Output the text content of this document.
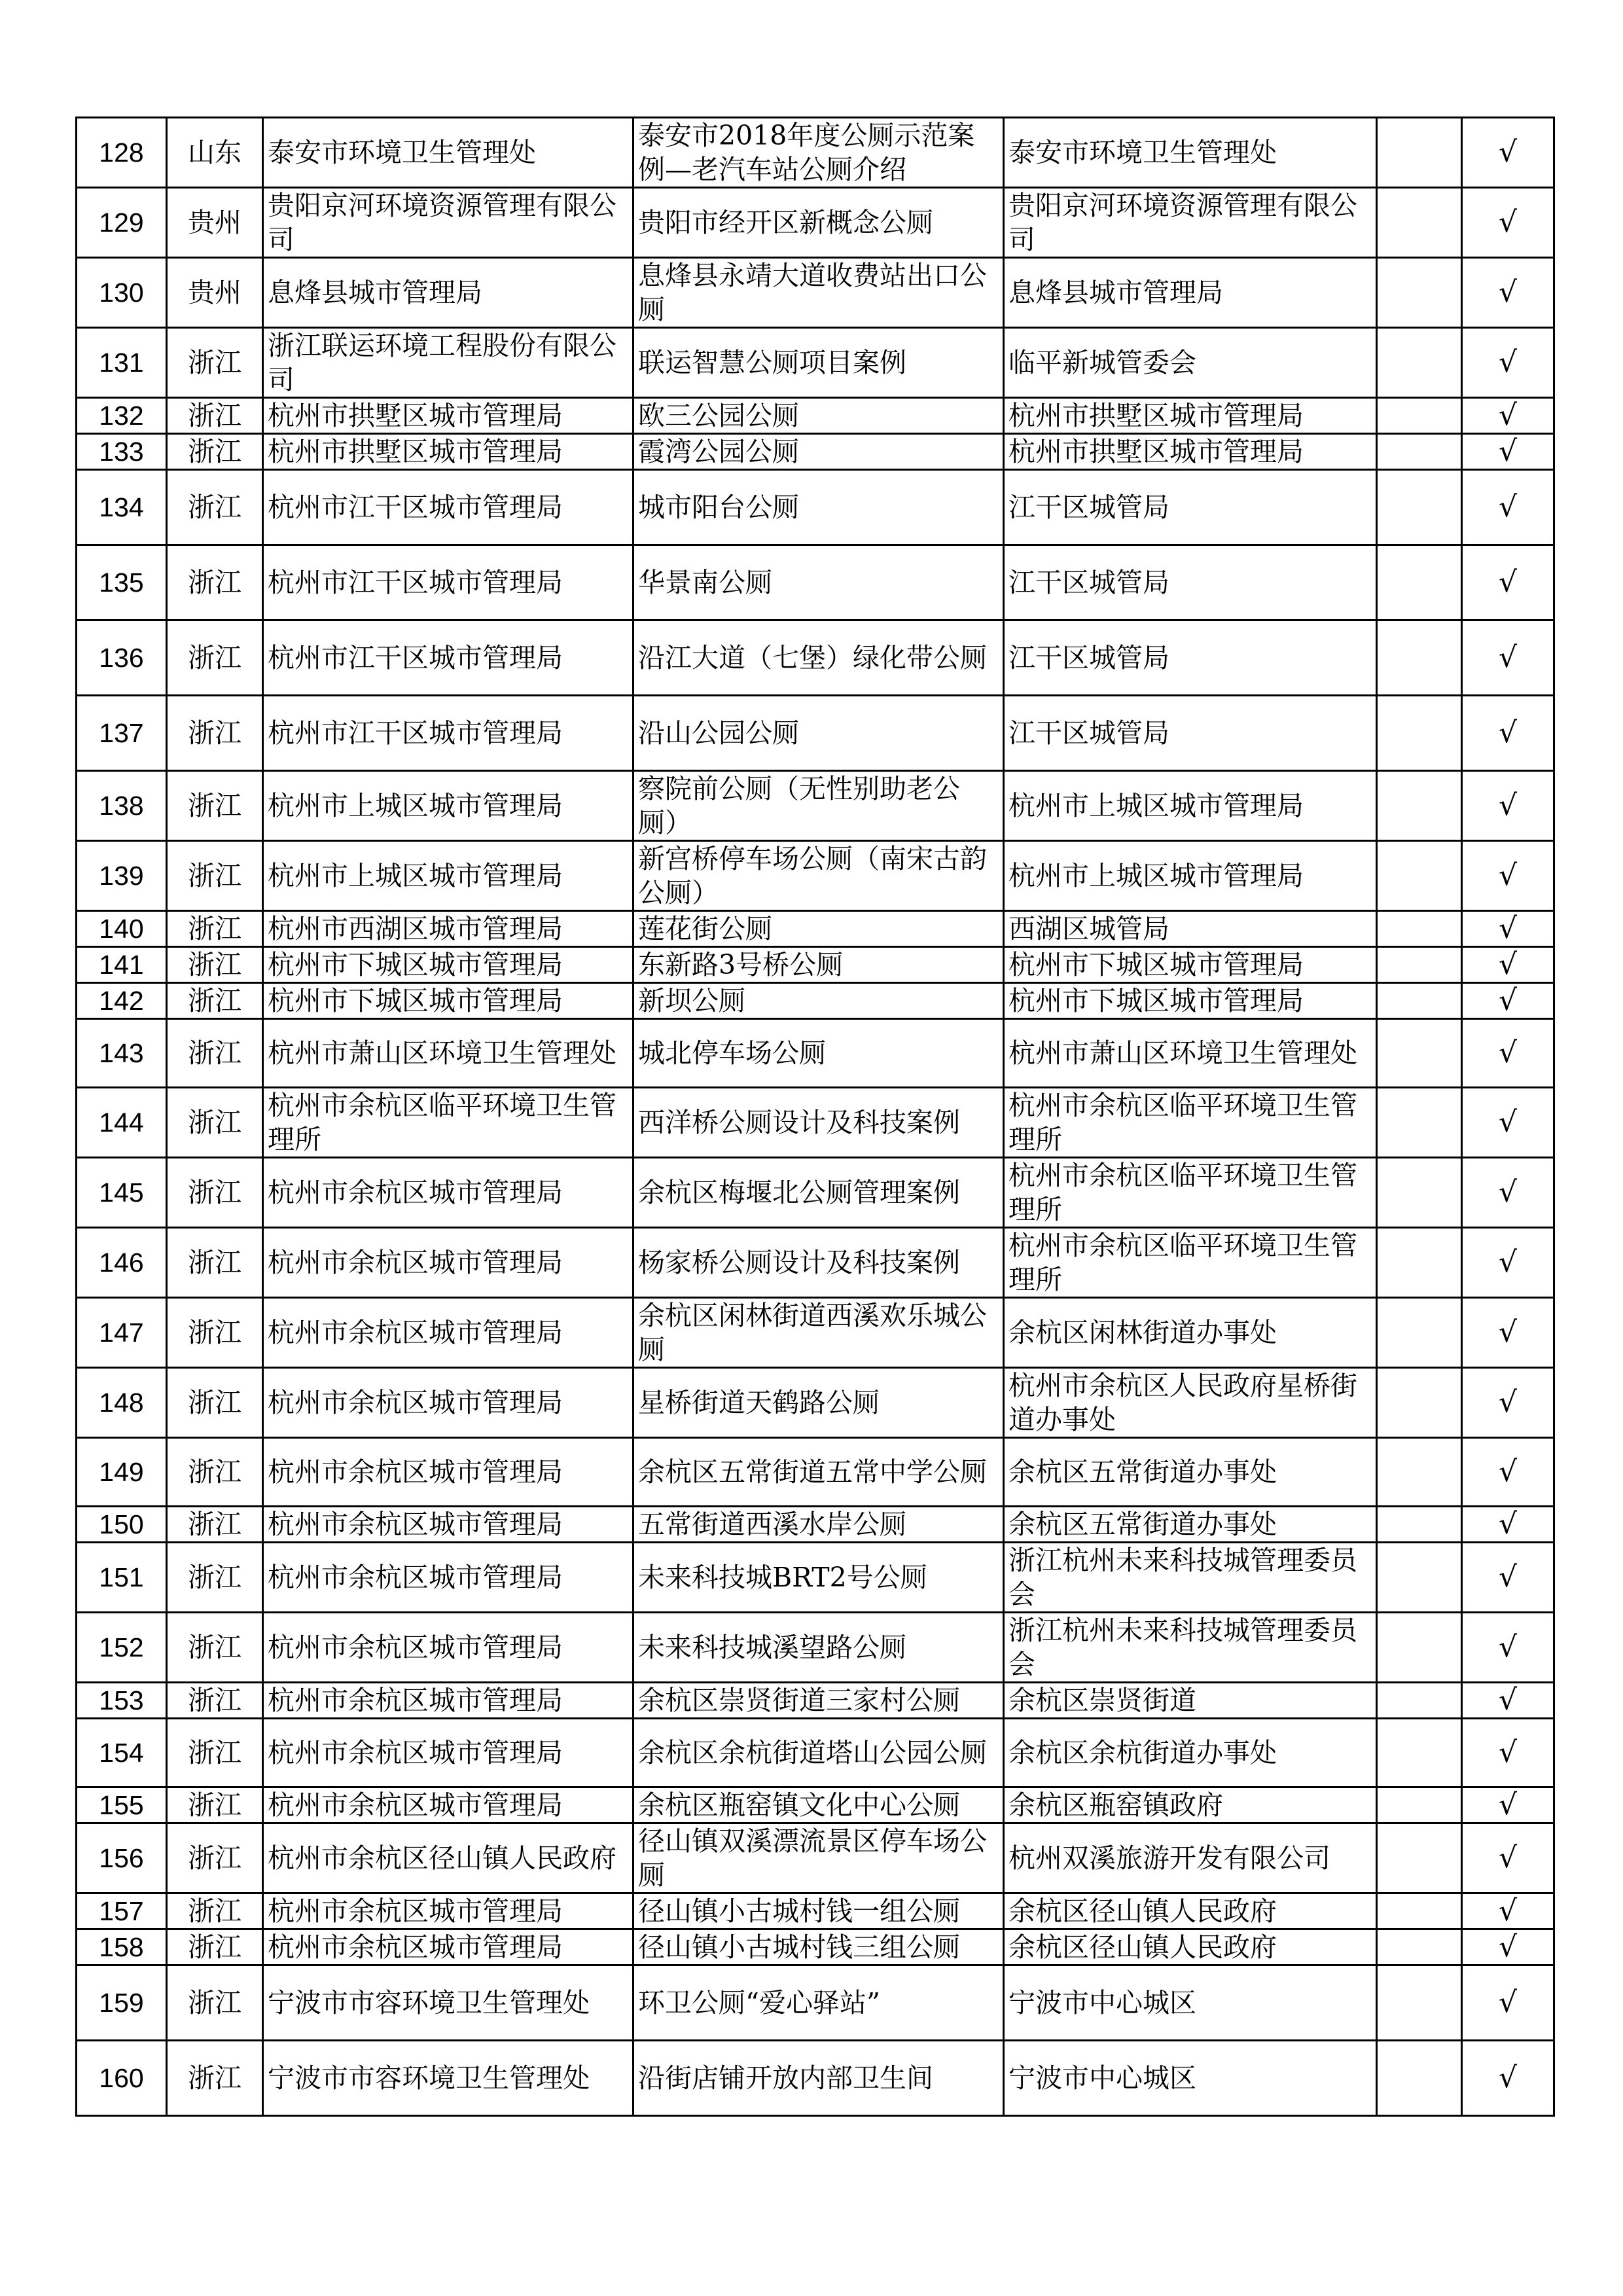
128	山东	泰安市环境卫生管理处	泰安市2018年度公厕示范案例—老汽车站公厕介绍	泰安市环境卫生管理处		√
129	贵州	贵阳京河环境资源管理有限公司	贵阳市经开区新概念公厕	贵阳京河环境资源管理有限公司		√
130	贵州	息烽县城市管理局	息烽县永靖大道收费站出口公厕	息烽县城市管理局		√
131	浙江	浙江联运环境工程股份有限公司	联运智慧公厕项目案例	临平新城管委会		√
132	浙江	杭州市拱墅区城市管理局	欧三公园公厕	杭州市拱墅区城市管理局		√
133	浙江	杭州市拱墅区城市管理局	霞湾公园公厕	杭州市拱墅区城市管理局		√
134	浙江	杭州市江干区城市管理局	城市阳台公厕	江干区城管局		√
135	浙江	杭州市江干区城市管理局	华景南公厕	江干区城管局		√
136	浙江	杭州市江干区城市管理局	沿江大道（七堡）绿化带公厕	江干区城管局		√
137	浙江	杭州市江干区城市管理局	沿山公园公厕	江干区城管局		√
138	浙江	杭州市上城区城市管理局	察院前公厕（无性别助老公厕）	杭州市上城区城市管理局		√
139	浙江	杭州市上城区城市管理局	新宫桥停车场公厕（南宋古韵公厕）	杭州市上城区城市管理局		√
140	浙江	杭州市西湖区城市管理局	莲花街公厕	西湖区城管局		√
141	浙江	杭州市下城区城市管理局	东新路3号桥公厕	杭州市下城区城市管理局		√
142	浙江	杭州市下城区城市管理局	新坝公厕	杭州市下城区城市管理局		√
143	浙江	杭州市萧山区环境卫生管理处	城北停车场公厕	杭州市萧山区环境卫生管理处		√
144	浙江	杭州市余杭区临平环境卫生管理所	西洋桥公厕设计及科技案例	杭州市余杭区临平环境卫生管理所		√
145	浙江	杭州市余杭区城市管理局	余杭区梅堰北公厕管理案例	杭州市余杭区临平环境卫生管理所		√
146	浙江	杭州市余杭区城市管理局	杨家桥公厕设计及科技案例	杭州市余杭区临平环境卫生管理所		√
147	浙江	杭州市余杭区城市管理局	余杭区闲林街道西溪欢乐城公厕	余杭区闲林街道办事处		√
148	浙江	杭州市余杭区城市管理局	星桥街道天鹤路公厕	杭州市余杭区人民政府星桥街道办事处		√
149	浙江	杭州市余杭区城市管理局	余杭区五常街道五常中学公厕	余杭区五常街道办事处		√
150	浙江	杭州市余杭区城市管理局	五常街道西溪水岸公厕	余杭区五常街道办事处		√
151	浙江	杭州市余杭区城市管理局	未来科技城BRT2号公厕	浙江杭州未来科技城管理委员会		√
152	浙江	杭州市余杭区城市管理局	未来科技城溪望路公厕	浙江杭州未来科技城管理委员会		√
153	浙江	杭州市余杭区城市管理局	余杭区崇贤街道三家村公厕	余杭区崇贤街道		√
154	浙江	杭州市余杭区城市管理局	余杭区余杭街道塔山公园公厕	余杭区余杭街道办事处		√
155	浙江	杭州市余杭区城市管理局	余杭区瓶窑镇文化中心公厕	余杭区瓶窑镇政府		√
156	浙江	杭州市余杭区径山镇人民政府	径山镇双溪漂流景区停车场公厕	杭州双溪旅游开发有限公司		√
157	浙江	杭州市余杭区城市管理局	径山镇小古城村钱一组公厕	余杭区径山镇人民政府		√
158	浙江	杭州市余杭区城市管理局	径山镇小古城村钱三组公厕	余杭区径山镇人民政府		√
159	浙江	宁波市市容环境卫生管理处	环卫公厕“爱心驿站”	宁波市中心城区		√
160	浙江	宁波市市容环境卫生管理处	沿街店铺开放内部卫生间	宁波市中心城区		√
